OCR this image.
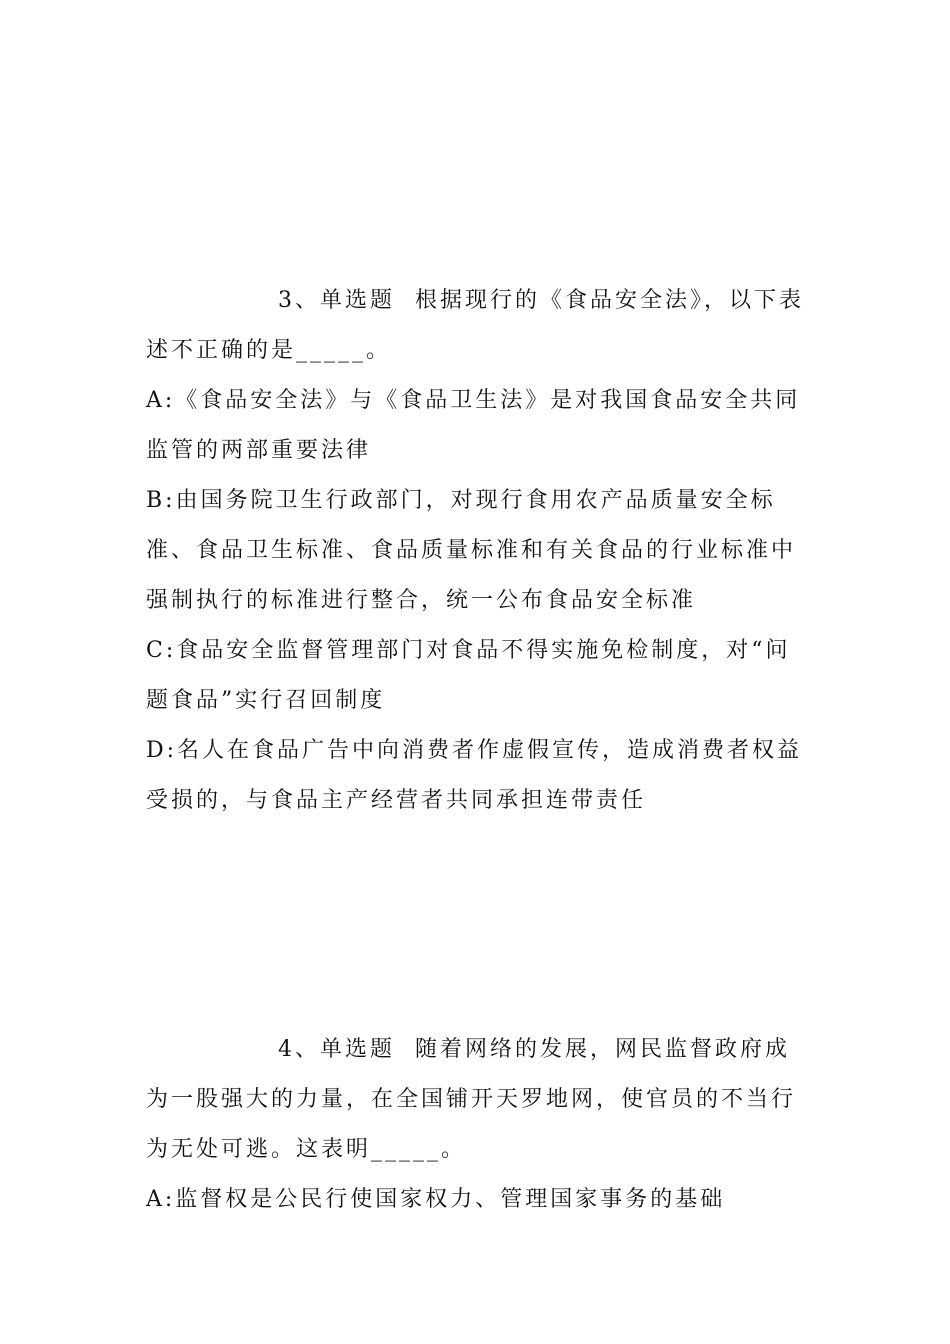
3、单选题 根据现行的《食品安全法》，以下表述不正确的是_____。

A:《食品安全法》与《食品卫生法》是对我国食品安全共同监管的两部重要法律

B:由国务院卫生行政部门，对现行食用农产品质量安全标准、食品卫生标准、食品质量标准和有关食品的行业标准中强制执行的标准进行整合，统一公布食品安全标准

C:食品安全监督管理部门对食品不得实施免检制度，对“问题食品”实行召回制度

D:名人在食品广告中向消费者作虚假宣传，造成消费者权益受损的，与食品主产经营者共同承担连带责任

4、单选题 随着网络的发展，网民监督政府成为一股强大的力量，在全国铺开天罗地网，使官员的不当行为无处可逃。这表明_____。

A:监督权是公民行使国家权力、管理国家事务的基础
